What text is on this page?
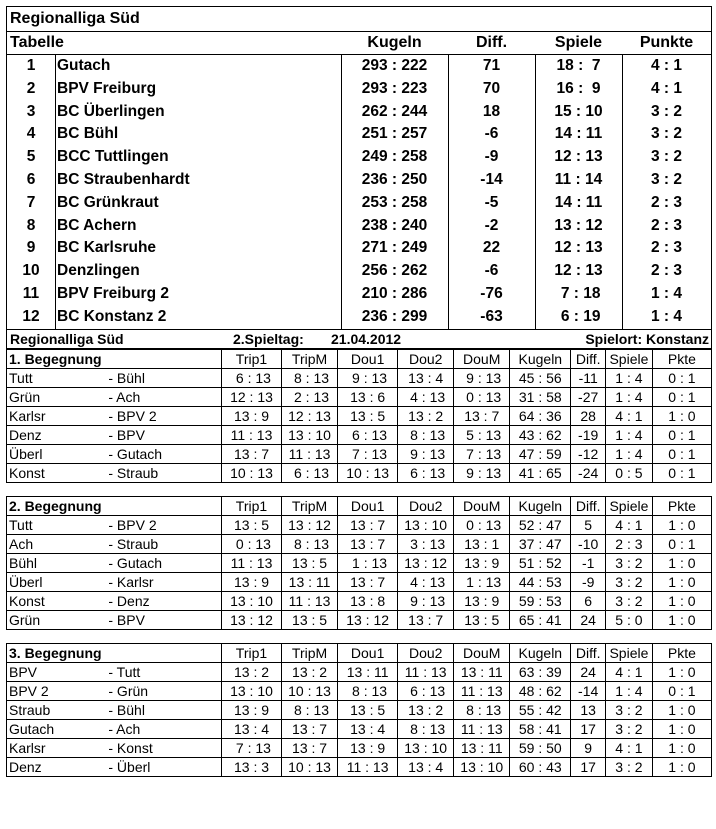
Regionalliga Süd
Tabelle	Kugeln	Diff.	Spiele	Punkte
1	Gutach	293 : 222	71	18 :  7	4 : 1
2	BPV Freiburg	293 : 223	70	16 :  9	4 : 1
3	BC Überlingen	262 : 244	18	15 : 10	3 : 2
4	BC Bühl	251 : 257	-6	14 : 11	3 : 2
5	BCC Tuttlingen	249 : 258	-9	12 : 13	3 : 2
6	BC Straubenhardt	236 : 250	-14	11 : 14	3 : 2
7	BC Grünkraut	253 : 258	-5	14 : 11	2 : 3
8	BC Achern	238 : 240	-2	13 : 12	2 : 3
9	BC Karlsruhe	271 : 249	22	12 : 13	2 : 3
10	Denzlingen	256 : 262	-6	12 : 13	2 : 3
11	BPV Freiburg 2	210 : 286	-76	7 : 18	1 : 4
12	BC Konstanz 2	236 : 299	-63	6 : 19	1 : 4
Regionalliga Süd	2.Spieltag:	21.04.2012	Spielort: Konstanz
1. Begegnung		Trip1	TripM	Dou1	Dou2	DouM	Kugeln	Diff.	Spiele	Pkte
Tutt	- Bühl	6 : 13	8 : 13	9 : 13	13 : 4	9 : 13	45 : 56	-11	1 : 4	0 : 1
Grün	- Ach	12 : 13	2 : 13	13 : 6	4 : 13	0 : 13	31 : 58	-27	1 : 4	0 : 1
Karlsr	- BPV 2	13 : 9	12 : 13	13 : 5	13 : 2	13 : 7	64 : 36	28	4 : 1	1 : 0
Denz	- BPV	11 : 13	13 : 10	6 : 13	8 : 13	5 : 13	43 : 62	-19	1 : 4	0 : 1
Überl	- Gutach	13 : 7	11 : 13	7 : 13	9 : 13	7 : 13	47 : 59	-12	1 : 4	0 : 1
Konst	- Straub	10 : 13	6 : 13	10 : 13	6 : 13	9 : 13	41 : 65	-24	0 : 5	0 : 1
2. Begegnung		Trip1	TripM	Dou1	Dou2	DouM	Kugeln	Diff.	Spiele	Pkte
Tutt	- BPV 2	13 : 5	13 : 12	13 : 7	13 : 10	0 : 13	52 : 47	5	4 : 1	1 : 0
Ach	- Straub	0 : 13	8 : 13	13 : 7	3 : 13	13 : 1	37 : 47	-10	2 : 3	0 : 1
Bühl	- Gutach	11 : 13	13 : 5	1 : 13	13 : 12	13 : 9	51 : 52	-1	3 : 2	1 : 0
Überl	- Karlsr	13 : 9	13 : 11	13 : 7	4 : 13	1 : 13	44 : 53	-9	3 : 2	1 : 0
Konst	- Denz	13 : 10	11 : 13	13 : 8	9 : 13	13 : 9	59 : 53	6	3 : 2	1 : 0
Grün	- BPV	13 : 12	13 : 5	13 : 12	13 : 7	13 : 5	65 : 41	24	5 : 0	1 : 0
3. Begegnung		Trip1	TripM	Dou1	Dou2	DouM	Kugeln	Diff.	Spiele	Pkte
BPV	- Tutt	13 : 2	13 : 2	13 : 11	11 : 13	13 : 11	63 : 39	24	4 : 1	1 : 0
BPV 2	- Grün	13 : 10	10 : 13	8 : 13	6 : 13	11 : 13	48 : 62	-14	1 : 4	0 : 1
Straub	- Bühl	13 : 9	8 : 13	13 : 5	13 : 2	8 : 13	55 : 42	13	3 : 2	1 : 0
Gutach	- Ach	13 : 4	13 : 7	13 : 4	8 : 13	11 : 13	58 : 41	17	3 : 2	1 : 0
Karlsr	- Konst	7 : 13	13 : 7	13 : 9	13 : 10	13 : 11	59 : 50	9	4 : 1	1 : 0
Denz	- Überl	13 : 3	10 : 13	11 : 13	13 : 4	13 : 10	60 : 43	17	3 : 2	1 : 0
